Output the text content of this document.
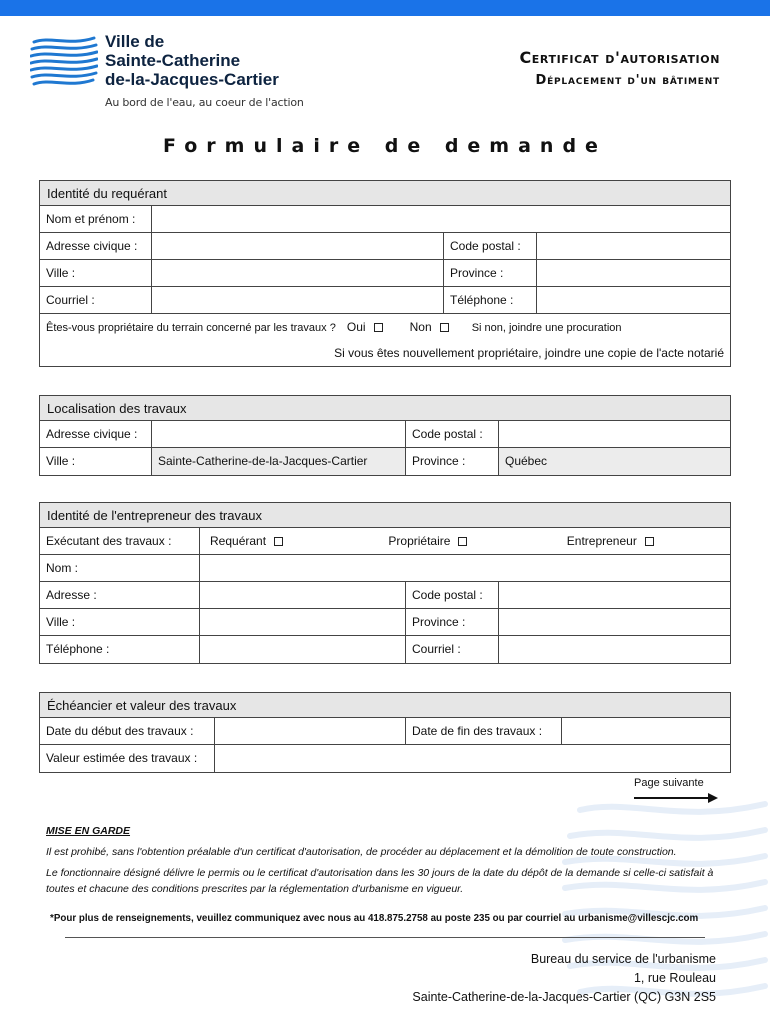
Ville de
Sainte-Catherine
de-la-Jacques-Cartier
Au bord de l'eau, au coeur de l'action
Certificat d'autorisation
Déplacement d'un bâtiment
Formulaire de demande
Identité du requérant
Nom et prénom :
Adresse civique :	Code postal :
Ville :	Province :
Courriel :	Téléphone :
Êtes-vous propriétaire du terrain concerné par les travaux ? Oui	Non	Si non, joindre une procuration
Si vous êtes nouvellement propriétaire, joindre une copie de l'acte notarié
Localisation des travaux
Adresse civique :	Code postal :
Ville :	Sainte-Catherine-de-la-Jacques-Cartier	Province :	Québec
Identité de l'entrepreneur des travaux
Exécutant des travaux :	Requérant	Propriétaire	Entrepreneur
Nom :
Adresse :	Code postal :
Ville :	Province :
Téléphone :	Courriel :
Échéancier et valeur des travaux
Date du début des travaux :	Date de fin des travaux :
Valeur estimée des travaux :
Page suivante

MISE EN GARDE

Il est prohibé, sans l'obtention préalable d'un certificat d'autorisation, de procéder au déplacement et la démolition de toute construction.

Le fonctionnaire désigné délivre le permis ou le certificat d'autorisation dans les 30 jours de la date du dépôt de la demande si celle-ci satisfait à toutes et chacune des conditions prescrites par la réglementation d'urbanisme en vigueur.

*Pour plus de renseignements, veuillez communiquez avec nous au 418.875.2758 au poste 235 ou par courriel au urbanisme@villescjc.com
Bureau du service de l'urbanisme
1, rue Rouleau
Sainte-Catherine-de-la-Jacques-Cartier (QC) G3N 2S5
